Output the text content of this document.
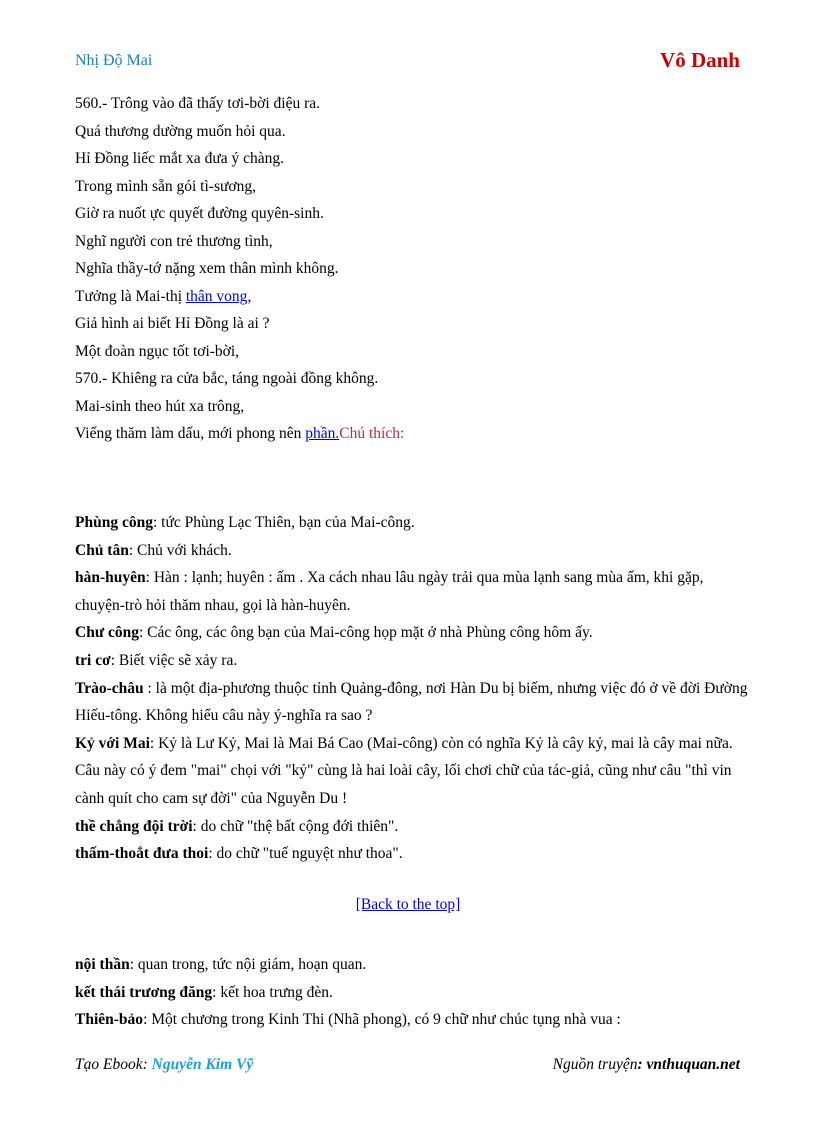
Nhị Độ Mai	Vô Danh
560.- Trông vào đã thấy tơi-bời điệu ra.
Quá thương dường muốn hỏi qua.
Hỉ Đồng liếc mắt xa đưa ý chàng.
Trong mình sẵn gói tì-sương,
Giờ ra nuốt ực quyết đường quyên-sinh.
Nghĩ người con trẻ thương tình,
Nghĩa thầy-tớ nặng xem thân mình không.
Tưởng là Mai-thị thân vong,
Giả hình ai biết Hỉ Đồng là ai ?
Một đoàn ngục tốt tơi-bời,
570.- Khiêng ra cửa bắc, táng ngoài đồng không.
Mai-sinh theo hút xa trông,
Viếng thăm làm dấu, mới phong nên phần.Chú thích:
Phùng công: tức Phùng Lạc Thiên, bạn của Mai-công.
Chủ tân: Chủ với khách.
hàn-huyên: Hàn : lạnh; huyên : ấm . Xa cách nhau lâu ngày trải qua mùa lạnh sang mùa ấm, khi gặp, chuyện-trò hỏi thăm nhau, gọi là hàn-huyên.
Chư công: Các ông, các ông bạn của Mai-công họp mặt ở nhà Phùng công hôm ấy.
tri cơ: Biết việc sẽ xảy ra.
Trào-châu : là một địa-phương thuộc tỉnh Quảng-đông, nơi Hàn Du bị biếm, nhưng việc đó ở về đời Đường Hiếu-tông. Không hiểu câu này ý-nghĩa ra sao ?
Kỷ với Mai: Kỷ là Lư Kỷ, Mai là Mai Bá Cao (Mai-công) còn có nghĩa Kỷ là cây kỷ, mai là cây mai nữa. Câu này có ý đem "mai" chọi với "kỷ" cùng là hai loài cây, lối chơi chữ của tác-giả, cũng như câu "thì vin cành quít cho cam sự đời" của Nguyễn Du !
thề chẳng đội trời: do chữ "thệ bất cộng đới thiên".
thấm-thoắt đưa thoi: do chữ "tuế nguyệt như thoa".
[Back to the top]
nội thần: quan trong, tức nội giám, hoạn quan.
kết thái trương đăng: kết hoa trưng đèn.
Thiên-bảo: Một chương trong Kinh Thi (Nhã phong), có 9 chữ như chúc tụng nhà vua :
Tạo Ebook: Nguyễn Kim Vỹ	Nguồn truyện: vnthuquan.net
